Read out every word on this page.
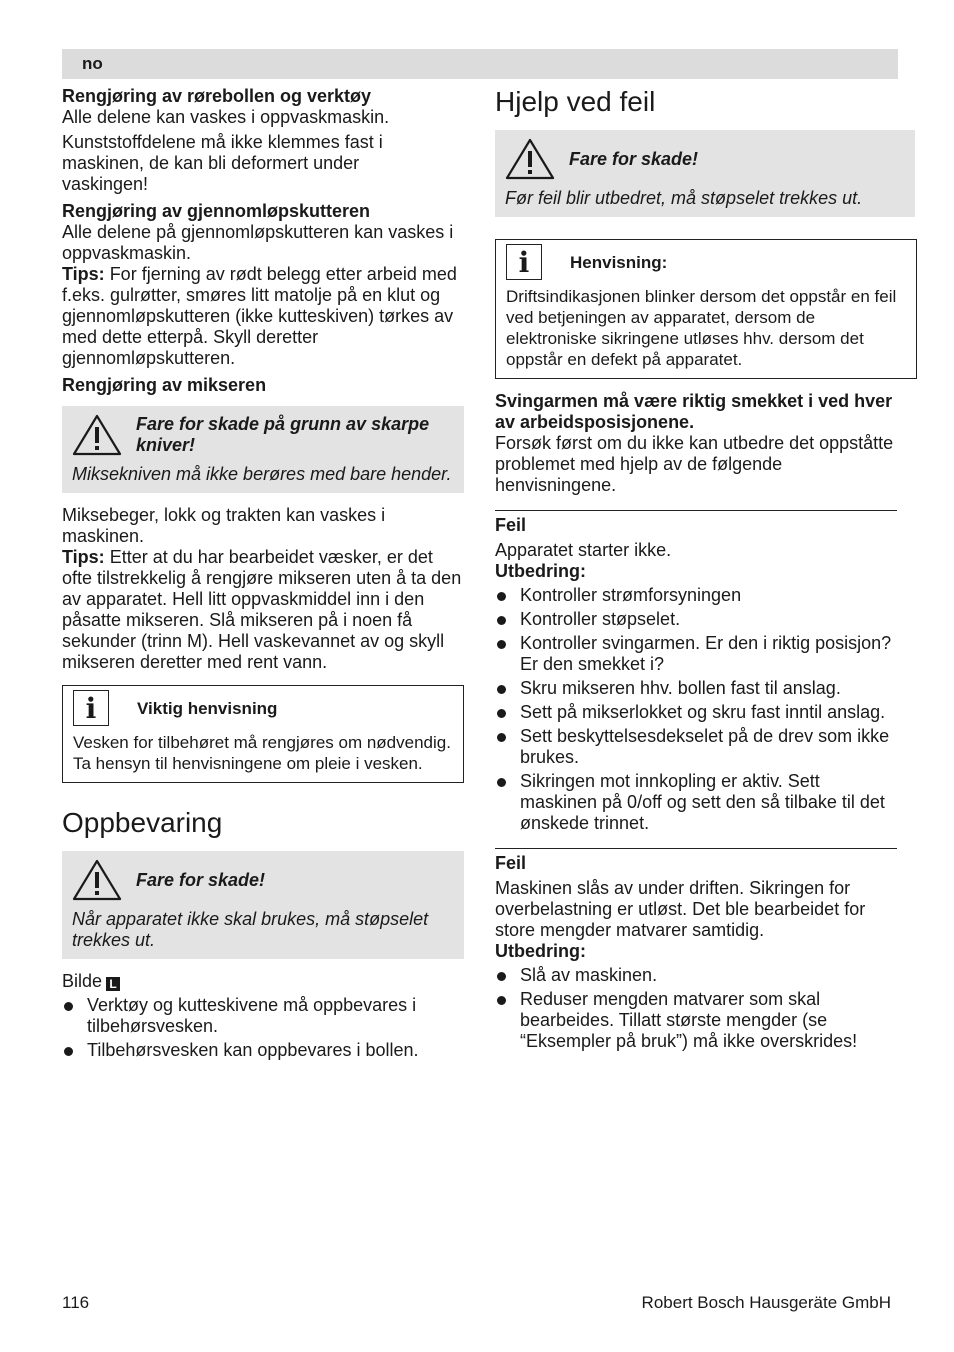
no

Rengjøring av rørebollen og verktøy

Alle delene kan vaskes i oppvaskmaskin.

Kunststoffdelene må ikke klemmes fast i maskinen, de kan bli deformert under vaskingen!

Rengjøring av gjennomløpskutteren

Alle delene på gjennomløpskutteren kan vaskes i oppvaskmaskin.

Tips: For fjerning av rødt belegg etter arbeid med f.eks. gulrøtter, smøres litt matolje på en klut og gjennomløpskutteren (ikke kutteskiven) tørkes av med dette etterpå. Skyll deretter gjennomløpskutteren.

Rengjøring av mikseren

Fare for skade på grunn av skarpe kniver!
Miksekniven må ikke berøres med bare hender.

Miksebeger, lokk og trakten kan vaskes i maskinen.

Tips: Etter at du har bearbeidet væsker, er det ofte tilstrekkelig å rengjøre mikseren uten å ta den av apparatet. Hell litt oppvaskmiddel inn i den påsatte mikseren. Slå mikseren på i noen få sekunder (trinn M). Hell vaskevannet av og skyll mikseren deretter med rent vann.

i	Viktig henvisning
Vesken for tilbehøret må rengjøres om nødvendig. Ta hensyn til henvisningene om pleie i vesken.
Oppbevaring
Fare for skade!
Når apparatet ikke skal brukes, må støpselet trekkes ut.

Bilde L

Verktøy og kutteskivene må oppbevares i tilbehørsvesken.
Tilbehørsvesken kan oppbevares i bollen.
Hjelp ved feil
Fare for skade!
Før feil blir utbedret, må støpselet trekkes ut.
i	Henvisning:
Driftsindikasjonen blinker dersom det oppstår en feil ved betjeningen av apparatet, dersom de elektroniske sikringene utløses hhv. dersom det oppstår en defekt på apparatet.

Svingarmen må være riktig smekket i ved hver av arbeidsposisjonene.

Forsøk først om du ikke kan utbedre det oppståtte problemet med hjelp av de følgende henvisningene.

Feil

Apparatet starter ikke.

Utbedring:

Kontroller strømforsyningen
Kontroller støpselet.
Kontroller svingarmen. Er den i riktig posisjon? Er den smekket i?
Skru mikseren hhv. bollen fast til anslag.
Sett på mikserlokket og skru fast inntil anslag.
Sett beskyttelsesdekselet på de drev som ikke brukes.
Sikringen mot innkopling er aktiv. Sett maskinen på 0/off og sett den så tilbake til det ønskede trinnet.

Feil

Maskinen slås av under driften. Sikringen for overbelastning er utløst. Det ble bearbeidet for store mengder matvarer samtidig.

Utbedring:

Slå av maskinen.
Reduser mengden matvarer som skal bearbeides. Tillatt største mengder (se “Eksempler på bruk”) må ikke overskrides!
116	Robert Bosch Hausgeräte GmbH
